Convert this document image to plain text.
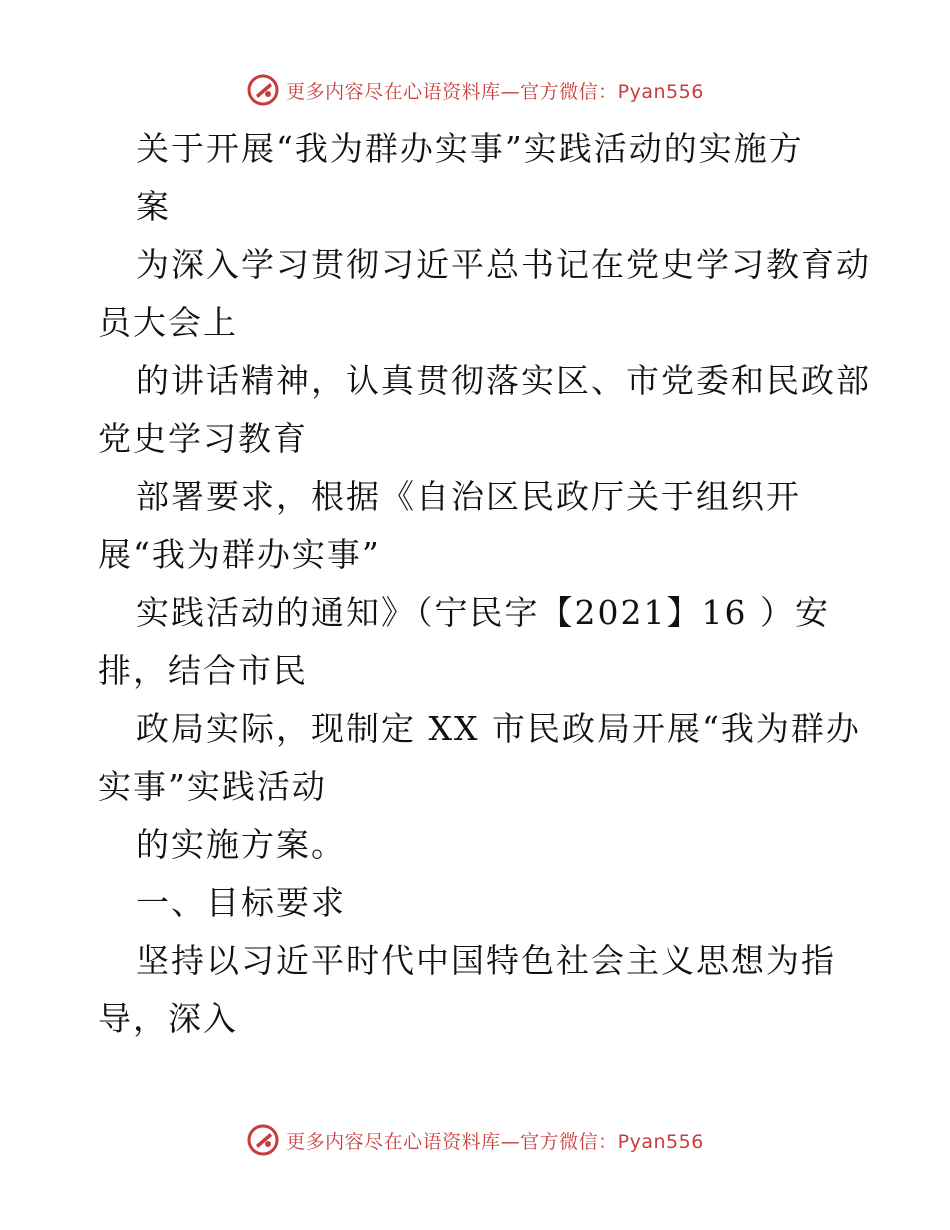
更多内容尽在心语资料库—官方微信：Pyan556
关于开展“我为群办实事”实践活动的实施方
案
为深入学习贯彻习近平总书记在党史学习教育动
员大会上
的讲话精神，认真贯彻落实区、市党委和民政部
党史学习教育
部署要求，根据《自治区民政厅关于组织开
展“我为群办实事”
实践活动的通知》（宁民字【2021】16 ）安
排，结合市民
政局实际，现制定 XX 市民政局开展“我为群办
实事”实践活动
的实施方案。
一、目标要求
坚持以习近平时代中国特色社会主义思想为指
导，深入
更多内容尽在心语资料库—官方微信：Pyan556
